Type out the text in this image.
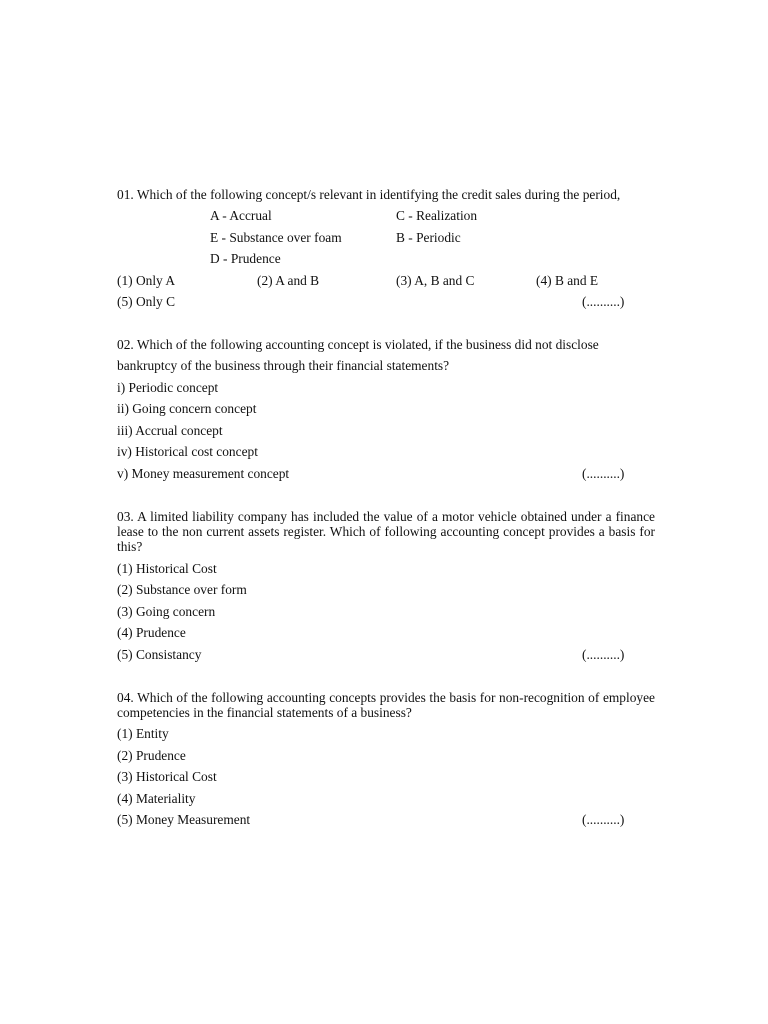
01. Which of the following concept/s relevant in identifying the credit sales during the period,
A - Accrual	C - Realization
E - Substance over foam	B - Periodic
D - Prudence
(1) Only A	(2) A and B	(3) A, B and C	(4) B and E
(5) Only C	(..........)
02. Which of the following accounting concept is violated, if the business did not disclose
bankruptcy of the business through their financial statements?
i) Periodic concept
ii) Going concern concept
iii) Accrual concept
iv) Historical cost concept
v) Money measurement concept	(..........)
03. A limited liability company has included the value of a motor vehicle obtained under a finance lease to the non current assets register. Which of following accounting concept provides a basis for this?
(1) Historical Cost
(2) Substance over form
(3) Going concern
(4) Prudence
(5) Consistancy	(..........)
04. Which of the following accounting concepts provides the basis for non-recognition of employee competencies in the financial statements of a business?
(1) Entity
(2) Prudence
(3) Historical Cost
(4) Materiality
(5) Money Measurement	(..........)
